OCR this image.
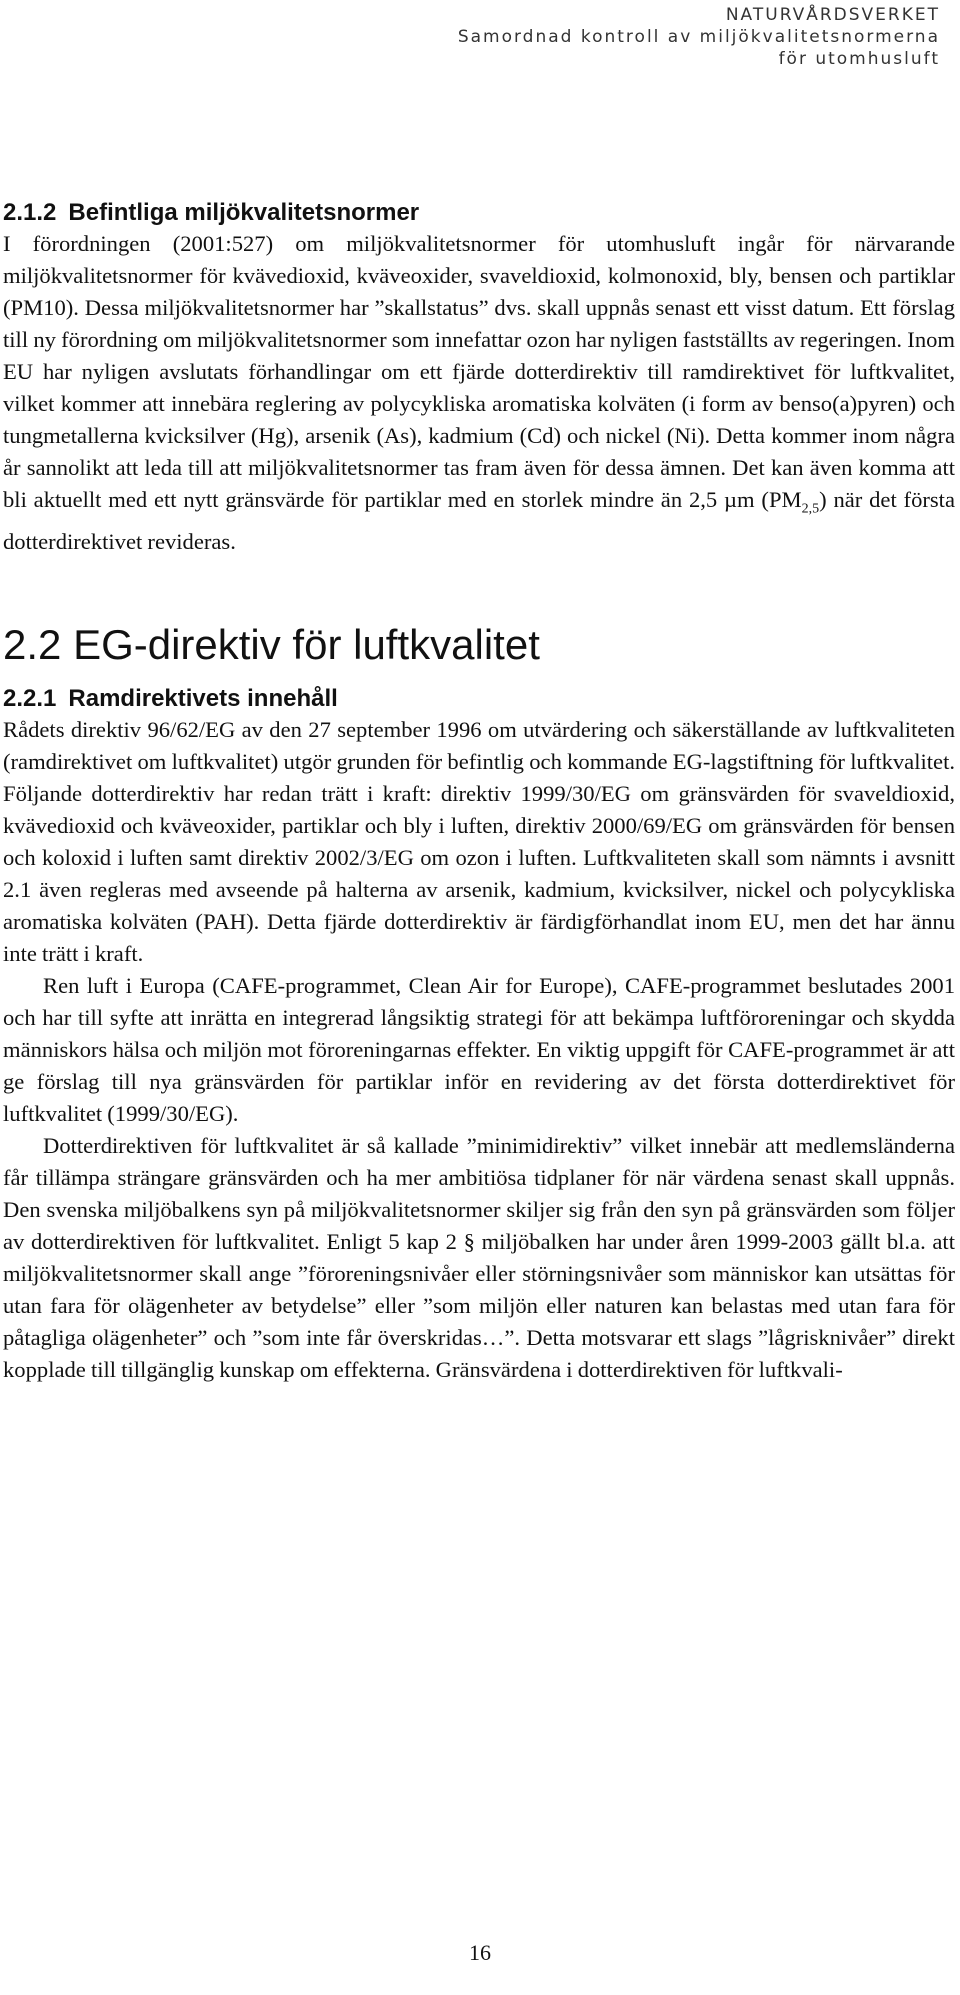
NATURVÅRDSVERKET
Samordnad kontroll av miljökvalitetsnormerna
för utomhusluft
2.1.2 Befintliga miljökvalitetsnormer

I förordningen (2001:527) om miljökvalitetsnormer för utomhusluft ingår för närvarande miljökvalitetsnormer för kvävedioxid, kväveoxider, svaveldioxid, kolmonoxid, bly, bensen och partiklar (PM10). Dessa miljökvalitetsnormer har ”skallstatus” dvs. skall uppnås senast ett visst datum. Ett förslag till ny förordning om miljökvalitetsnormer som innefattar ozon har nyligen fastställts av regeringen. Inom EU har nyligen avslutats förhandlingar om ett fjärde dotterdirektiv till ramdirektivet för luftkvalitet, vilket kommer att innebära reglering av polycykliska aromatiska kolväten (i form av benso(a)pyren) och tungmetallerna kvicksilver (Hg), arsenik (As), kadmium (Cd) och nickel (Ni). Detta kommer inom några år sannolikt att leda till att miljökvalitetsnormer tas fram även för dessa ämnen. Det kan även komma att bli aktuellt med ett nytt gränsvärde för partiklar med en storlek mindre än 2,5 µm $(PM_{2,5})$ när det första dotterdirektivet revideras.

2.2 EG-direktiv för luftkvalitet
2.2.1 Ramdirektivets innehåll

Rådets direktiv 96/62/EG av den 27 september 1996 om utvärdering och säkerställande av luftkvaliteten (ramdirektivet om luftkvalitet) utgör grunden för befintlig och kommande EG-lagstiftning för luftkvalitet. Följande dotterdirektiv har redan trätt i kraft: direktiv 1999/30/EG om gränsvärden för svaveldioxid, kvävedioxid och kväveoxider, partiklar och bly i luften, direktiv 2000/69/EG om gränsvärden för bensen och koloxid i luften samt direktiv 2002/3/EG om ozon i luften. Luftkvaliteten skall som nämnts i avsnitt 2.1 även regleras med avseende på halterna av arsenik, kadmium, kvicksilver, nickel och polycykliska aromatiska kolväten (PAH). Detta fjärde dotterdirektiv är färdigförhandlat inom EU, men det har ännu inte trätt i kraft.

Ren luft i Europa (CAFE-programmet, Clean Air for Europe), CAFE-programmet beslutades 2001 och har till syfte att inrätta en integrerad långsiktig strategi för att bekämpa luftföroreningar och skydda människors hälsa och miljön mot föroreningarnas effekter. En viktig uppgift för CAFE-programmet är att ge förslag till nya gränsvärden för partiklar inför en revidering av det första dotterdirektivet för luftkvalitet (1999/30/EG).

Dotterdirektiven för luftkvalitet är så kallade ”minimidirektiv” vilket innebär att medlemsländerna får tillämpa strängare gränsvärden och ha mer ambitiösa tidplaner för när värdena senast skall uppnås. Den svenska miljöbalkens syn på miljökvalitetsnormer skiljer sig från den syn på gränsvärden som följer av dotterdirektiven för luftkvalitet. Enligt 5 kap 2 § miljöbalken har under åren 1999-2003 gällt bl.a. att miljökvalitetsnormer skall ange ”föroreningsnivåer eller störningsnivåer som människor kan utsättas för utan fara för olägenheter av betydelse” eller ”som miljön eller naturen kan belastas med utan fara för påtagliga olägenheter” och ”som inte får överskridas…”. Detta motsvarar ett slags ”lågrisknivåer” direkt kopplade till tillgänglig kunskap om effekterna. Gränsvärdena i dotterdirektiven för luftkvali-

16
